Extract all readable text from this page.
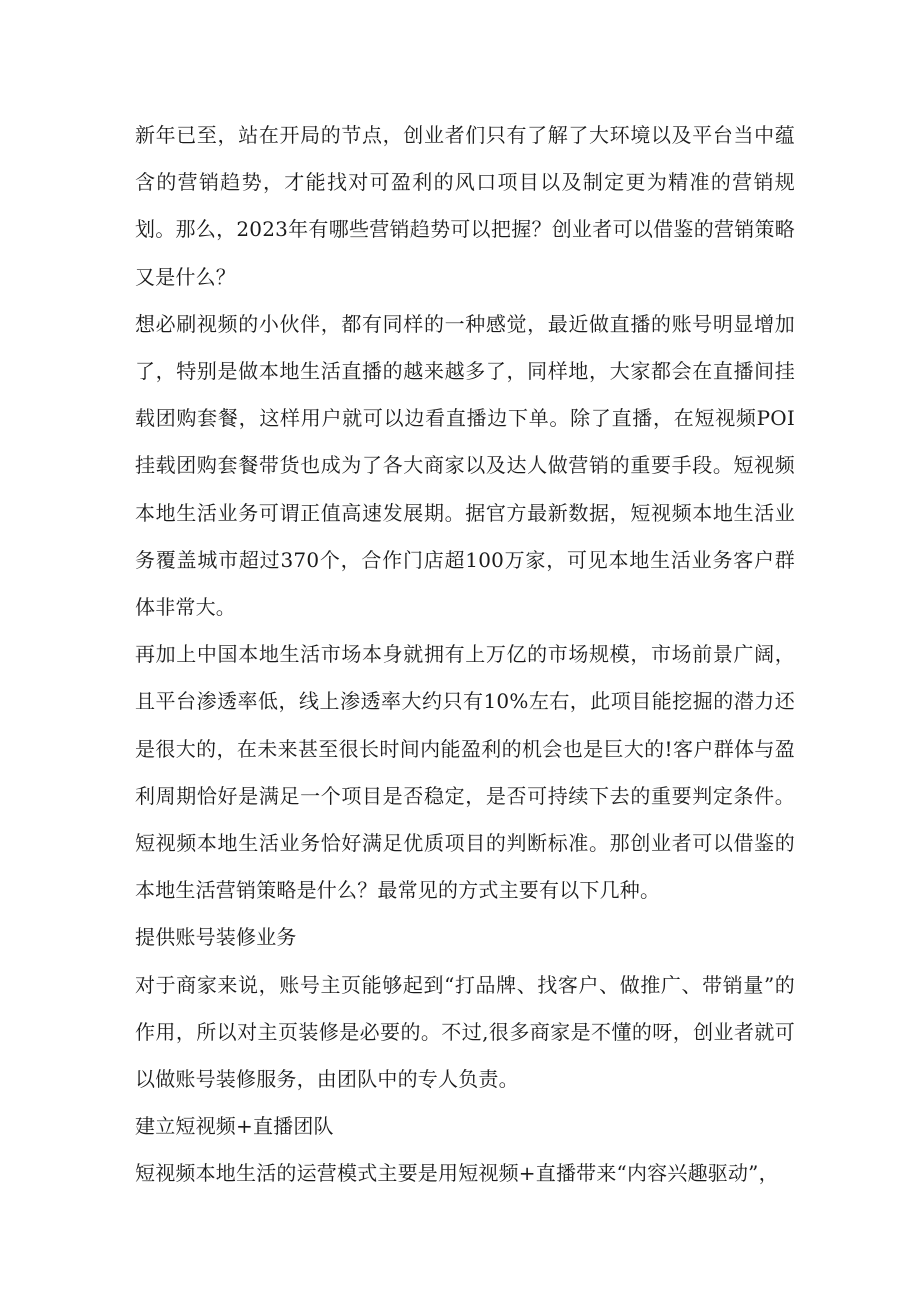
新年已至，站在开局的节点，创业者们只有了解了大环境以及平台当中蕴含的营销趋势，才能找对可盈利的风口项目以及制定更为精准的营销规划。那么，2023年有哪些营销趋势可以把握？创业者可以借鉴的营销策略又是什么？

想必刷视频的小伙伴，都有同样的一种感觉，最近做直播的账号明显增加了，特别是做本地生活直播的越来越多了，同样地，大家都会在直播间挂载团购套餐，这样用户就可以边看直播边下单。除了直播，在短视频POI挂载团购套餐带货也成为了各大商家以及达人做营销的重要手段。短视频本地生活业务可谓正值高速发展期。据官方最新数据，短视频本地生活业务覆盖城市超过370个，合作门店超100万家，可见本地生活业务客户群体非常大。

再加上中国本地生活市场本身就拥有上万亿的市场规模，市场前景广阔，且平台渗透率低，线上渗透率大约只有10%左右，此项目能挖掘的潜力还是很大的，在未来甚至很长时间内能盈利的机会也是巨大的!客户群体与盈利周期恰好是满足一个项目是否稳定，是否可持续下去的重要判定条件。短视频本地生活业务恰好满足优质项目的判断标准。那创业者可以借鉴的本地生活营销策略是什么？最常见的方式主要有以下几种。

提供账号装修业务

对于商家来说，账号主页能够起到“打品牌、找客户、做推广、带销量”的作用，所以对主页装修是必要的。不过,很多商家是不懂的呀，创业者就可以做账号装修服务，由团队中的专人负责。

建立短视频+直播团队

短视频本地生活的运营模式主要是用短视频+直播带来“内容兴趣驱动”，
